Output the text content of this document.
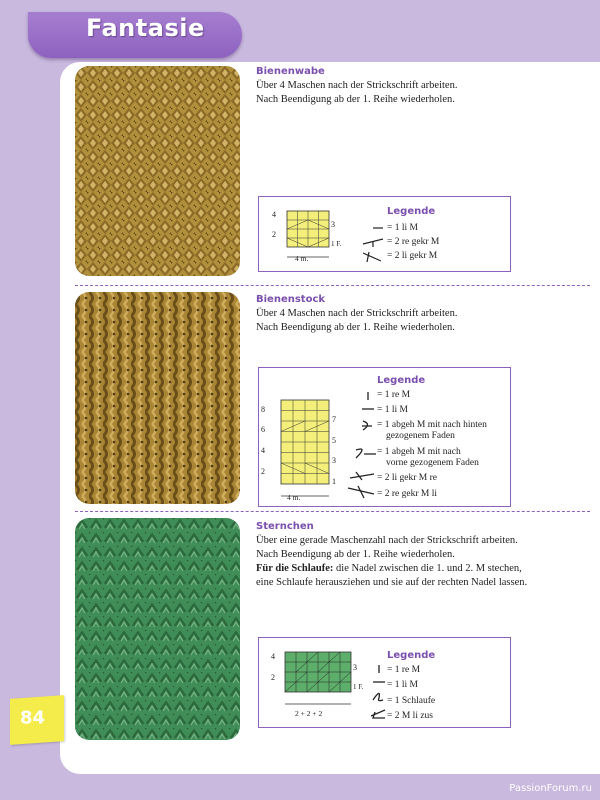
Fantasie
Bienenwabe
Über 4 Maschen nach der Strickschrift arbeiten.
Nach Beendigung ab der 1. Reihe wiederholen.
4
3
2
1 F.
4 m.
Legende
= 1 li M
= 2 re gekr M
= 2 li gekr M
Bienenstock
Über 4 Maschen nach der Strickschrift arbeiten.
Nach Beendigung ab der 1. Reihe wiederholen.
8
7
6
5
4
3
2
1
4 m.
Legende
= 1 re M
= 1 li M
= 1 abgeh M mit nach hinten
gezogenem Faden
= 1 abgeh M mit nach
vorne gezogenem Faden
= 2 li gekr M re
= 2 re gekr M li
Sternchen
Über eine gerade Maschenzahl nach der Strickschrift arbeiten.
Nach Beendigung ab der 1. Reihe wiederholen.
Für die Schlaufe: die Nadel zwischen die 1. und 2. M stechen,
eine Schlaufe herausziehen und sie auf der rechten Nadel lassen.
4
3
2
1 F.
2 + 2 + 2
Legende
= 1 re M
= 1 li M
= 1 Schlaufe
= 2 M li zus
84
PassionForum.ru
